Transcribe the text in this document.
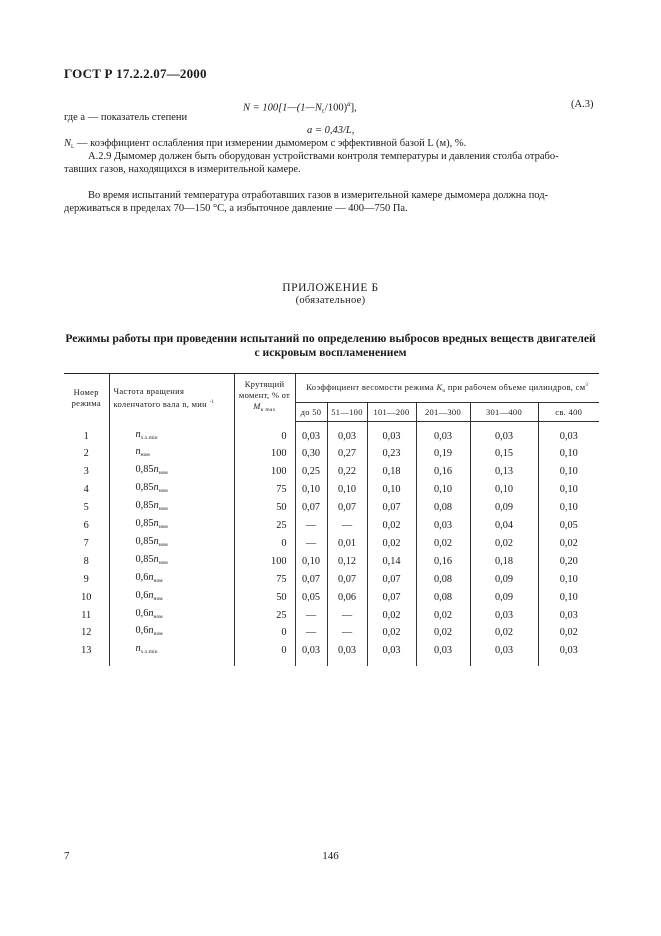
ГОСТ Р 17.2.2.07—2000
$N = 100[1—(1—N_L/100)^a]$,	(А.3)
где a — показатель степени
a = 0,43/L,
$N_L$ — коэффициент ослабления при измерении дымомером с эффективной базой L (м), %.
А.2.9 Дымомер должен быть оборудован устройствами контроля температуры и давления столба отрабо-
тавших газов, находящихся в измерительной камере.
Во время испытаний температура отработавших газов в измерительной камере дымомера должна под-
держиваться в пределах 70—150 °С, а избыточное давление — 400—750 Па.
ПРИЛОЖЕНИЕ Б
(обязательное)
Режимы работы при проведении испытаний по определению выбросов вредных веществ двигателей
с искровым воспламенением
Номер режима	Частота вращения коленчатого вала n, мин $^{-1}$	Крутящий момент, % от
$M_{к max}$	Коэффициент весомости режима $K_n$ при рабочем объеме цилиндров, $см^3$
			до 50	51—100	101—200	201—300	301—400	св. 400
1	$n_{х.х.min}$	0	0,03	0,03	0,03	0,03	0,03	0,03
2	$n_{ном}$	100	0,30	0,27	0,23	0,19	0,15	0,10
3	$0,85n_{ном}$	100	0,25	0,22	0,18	0,16	0,13	0,10
4	$0,85n_{ном}$	75	0,10	0,10	0,10	0,10	0,10	0,10
5	$0,85n_{ном}$	50	0,07	0,07	0,07	0,08	0,09	0,10
6	$0,85n_{ном}$	25	—	—	0,02	0,03	0,04	0,05
7	$0,85n_{ном}$	0	—	0,01	0,02	0,02	0,02	0,02
8	$0,85n_{ном}$	100	0,10	0,12	0,14	0,16	0,18	0,20
9	$0,6n_{ном}$	75	0,07	0,07	0,07	0,08	0,09	0,10
10	$0,6n_{ном}$	50	0,05	0,06	0,07	0,08	0,09	0,10
11	$0,6n_{ном}$	25	—	—	0,02	0,02	0,03	0,03
12	$0,6n_{ном}$	0	—	—	0,02	0,02	0,02	0,02
13	$n_{х.х.min}$	0	0,03	0,03	0,03	0,03	0,03	0,03
7	146
